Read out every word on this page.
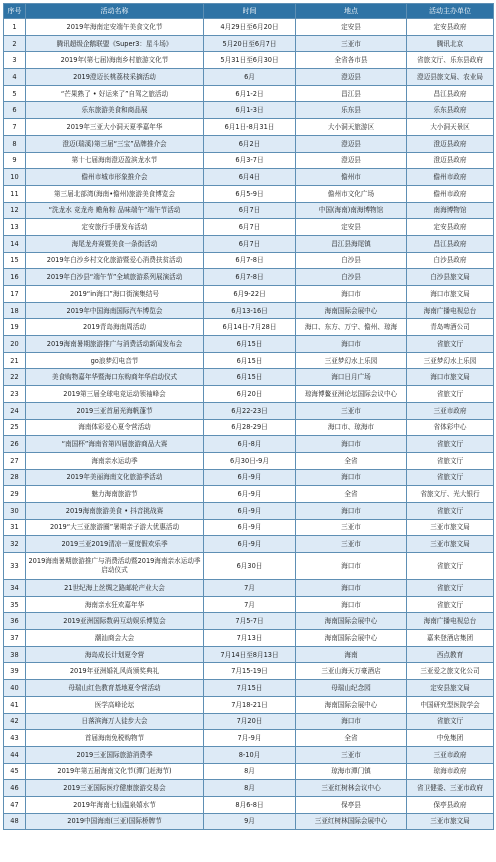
序号	活动名称	时间	地点	活动主办单位
1	2019年海南定安端午美食文化节	4月29日至6月20日	定安县	定安县政府
2	腾讯超级企鹅联盟《Super3：星斗场》	5月20日至6月7日	三亚市	腾讯北京
3	2019年(第七届)海南乡村旅游文化节	5月31日至6月30日	全省各市县	省旅文厅、乐东县政府
4	2019澄迈长桃荔枝采摘活动	6月	澄迈县	澄迈县旅文局、农业局
5	“芒果熟了 • 好运来了”自驾之旅活动	6月1-2日	昌江县	昌江县政府
6	乐东旅游美食和商品展	6月1-3日	乐东县	乐东县政府
7	2019年三亚大小洞天夏季嘉年华	6月1日-8月31日	大小洞天旅游区	大小洞天景区
8	澄迈(瑞溪)第三届“三宝”品牌推介会	6月2日	澄迈县	澄迈县政府
9	第十七届海南澄迈盈滨龙水节	6月3-7日	澄迈县	澄迈县政府
10	儋州市城市形象推介会	6月4日	儋州市	儋州市政府
11	第三届北部湾(海南•儋州)旅游美食博览会	6月5-9日	儋州市文化广场	儋州市政府
12	“洗龙水 竞龙舟 赡角粽 品味端午”端午节活动	6月7日	中国(海南)南海博物馆	南海博物馆
13	定安旅行手册发布活动	6月7日	定安县	定安县政府
14	海尾龙舟赛暨美食一条街活动	6月7日	昌江县海尾镇	昌江县政府
15	2019年白沙乡村文化旅游暨爱心消费扶贫活动	6月7-8日	白沙县	白沙县政府
16	2019年白沙县“端午节”全域旅游系列展演活动	6月7-8日	白沙县	白沙县旅文局
17	2019“in海口”海口街演集结号	6月9-22日	海口市	海口市旅文局
18	2019年中国海南国际汽车博览会	6月13-16日	海南国际会展中心	海南广播电视总台
19	2019青岛海南周活动	6月14日-7月28日	海口、东方、万宁、儋州、琼海	青岛啤酒公司
20	2019海南暑期旅游推广与消费活动新闻发布会	6月15日	海口市	省旅文厅
21	go浪梦幻电音节	6月15日	三亚梦幻水上乐园	三亚梦幻水上乐园
22	美食购物嘉年华暨海口东购商年华启动仪式	6月15日	海口日月广场	海口市旅文局
23	2019第三届全球电竞运动领袖峰会	6月20日	琼海博鳌亚洲论坛国际会议中心	省旅文厅
24	2019三亚首届光海帆蓬节	6月22-23日	三亚市	三亚市政府
25	海南体彩爱心夏令营活动	6月28-29日	海口市、琼海市	省体彩中心
26	“南国杯”海南省第四届旅游商品大赛	6月-8月	海口市	省旅文厅
27	海南亲水运动季	6月30日-9月	全省	省旅文厅
28	2019年美丽海南文化旅游季活动	6月-9月	海口市	省旅文厅
29	魅力海南旅游节	6月-9月	全省	省旅文厅、光大银行
30	2019海南旅游美食 • 抖音挑战赛	6月-9月	海口市	省旅文厅
31	2019“大三亚旅游圈”暑期亲子游大优惠活动	6月-9月	三亚市	三亚市旅文局
32	2019三亚2019清凉一夏度假欢乐季	6月-9月	三亚市	三亚市旅文局
33	2019海南暑期旅游推广与消费活动暨2019海南亲水运动季启动仪式	6月30日	海口市	省旅文厅
34	21世纪海上丝绸之路邮轮产业大会	7月	海口市	省旅文厅
35	海南亲水狂欢嘉年华	7月	海口市	省旅文厅
36	2019亚洲国际数码互动娱乐博览会	7月5-7日	海南国际会展中心	海南广播电视总台
37	潮汕商会大会	7月13日	海南国际会展中心	嘉来登酒店集团
38	海岛成长计划夏令营	7月14日至8月13日	海南	西点教育
39	2019年亚洲婚礼风尚颁奖典礼	7月15-19日	三亚山海天万豪酒店	三亚爱之旅文化公司
40	母瑞山红色教育基地夏令营活动	7月15日	母瑞山纪念园	定安县旅文局
41	医学高峰论坛	7月18-21日	海南国际会展中心	中国研究型医院学会
42	日落滨海万人徒步大会	7月20日	海口市	省旅文厅
43	首届海南免税购物节	7月-9月	全省	中免集团
44	2019三亚国际旅游消费季	8-10月	三亚市	三亚市政府
45	2019年第五届海南文化节(潭门赶海节)	8月	琼海市潭门镇	琼海市政府
46	2019三亚国际医疗健康旅游交易会	8月	三亚红树林会议中心	省卫健委、三亚市政府
47	2019年海南七仙温泉嬉水节	8月6-8日	保亭县	保亭县政府
48	2019中国海南(三亚)国际桥牌节	9月	三亚红树林国际会展中心	三亚市旅文局
